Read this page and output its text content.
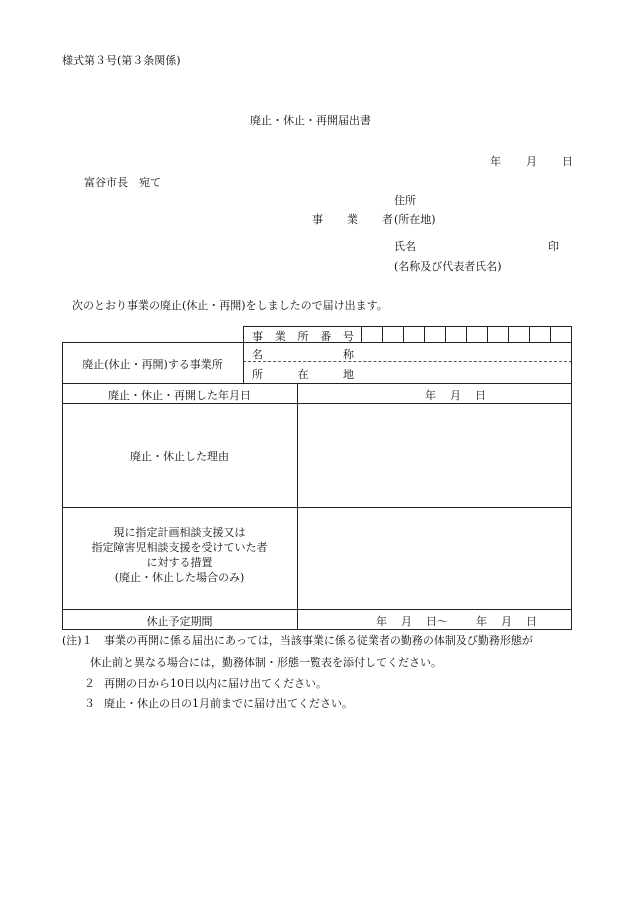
様式第３号(第３条関係)
廃止・休止・再開届出書
年 月 日
富谷市長　宛て
住所
事 業 者 (所在地)
氏名	印
(名称及び代表者氏名)
次のとおり事業の廃止(休止・再開)をしましたので届け出ます。
事 業 所 番 号
廃止(休止・再開)する事業所
名	称
所	在	地
廃止・休止・再開した年月日	年 月 日
廃止・休止した理由
現に指定計画相談支援又は
指定障害児相談支援を受けていた者
に対する措置
(廃止・休止した場合のみ)
休止予定期間	年 月 日〜	年 月 日
(注)１ 事業の再開に係る届出にあっては，当該事業に係る従業者の勤務の体制及び勤務形態が
休止前と異なる場合には，勤務体制・形態一覧表を添付してください。
２ 再開の日から10日以内に届け出てください。
３ 廃止・休止の日の1月前までに届け出てください。
